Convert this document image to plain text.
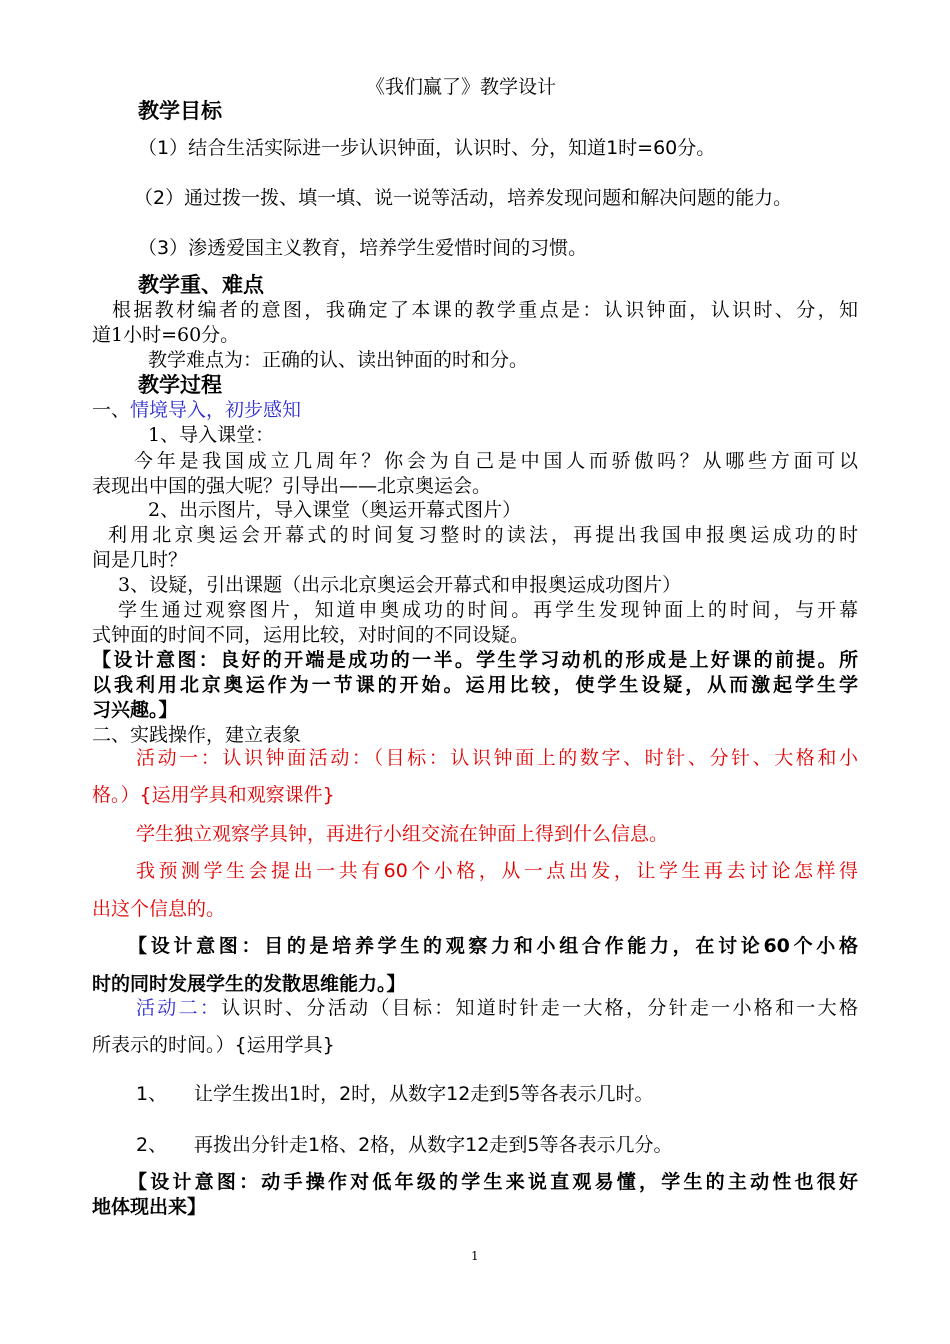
《我们赢了》教学设计
教学目标
（1）结合生活实际进一步认识钟面，认识时、分，知道1时=60分。
（2）通过拨一拨、填一填、说一说等活动，培养发现问题和解决问题的能力。
（3）渗透爱国主义教育，培养学生爱惜时间的习惯。
教学重、难点
根据教材编者的意图，我确定了本课的教学重点是：认识钟面，认识时、分，知
道1小时=60分。
教学难点为：正确的认、读出钟面的时和分。
教学过程
一、情境导入，初步感知
1、导入课堂：
今年是我国成立几周年？你会为自己是中国人而骄傲吗？从哪些方面可以
表现出中国的强大呢？引导出——北京奥运会。
2、出示图片，导入课堂（奥运开幕式图片）
利用北京奥运会开幕式的时间复习整时的读法，再提出我国申报奥运成功的时
间是几时？
3、设疑，引出课题（出示北京奥运会开幕式和申报奥运成功图片）
学生通过观察图片，知道申奥成功的时间。再学生发现钟面上的时间，与开幕
式钟面的时间不同，运用比较，对时间的不同设疑。
【设计意图：良好的开端是成功的一半。学生学习动机的形成是上好课的前提。所
以我利用北京奥运作为一节课的开始。运用比较，使学生设疑，从而激起学生学
习兴趣。】
二、实践操作，建立表象
活动一：认识钟面活动：（目标：认识钟面上的数字、时针、分针、大格和小
格。）{运用学具和观察课件}
学生独立观察学具钟，再进行小组交流在钟面上得到什么信息。
我预测学生会提出一共有60个小格，从一点出发，让学生再去讨论怎样得
出这个信息的。
【设计意图：目的是培养学生的观察力和小组合作能力，在讨论60个小格
时的同时发展学生的发散思维能力。】
活动二：认识时、分活动（目标：知道时针走一大格，分针走一小格和一大格
所表示的时间。）{运用学具}
1、 让学生拨出1时，2时，从数字12走到5等各表示几时。
2、 再拨出分针走1格、2格，从数字12走到5等各表示几分。
【设计意图：动手操作对低年级的学生来说直观易懂，学生的主动性也很好
地体现出来】
1
